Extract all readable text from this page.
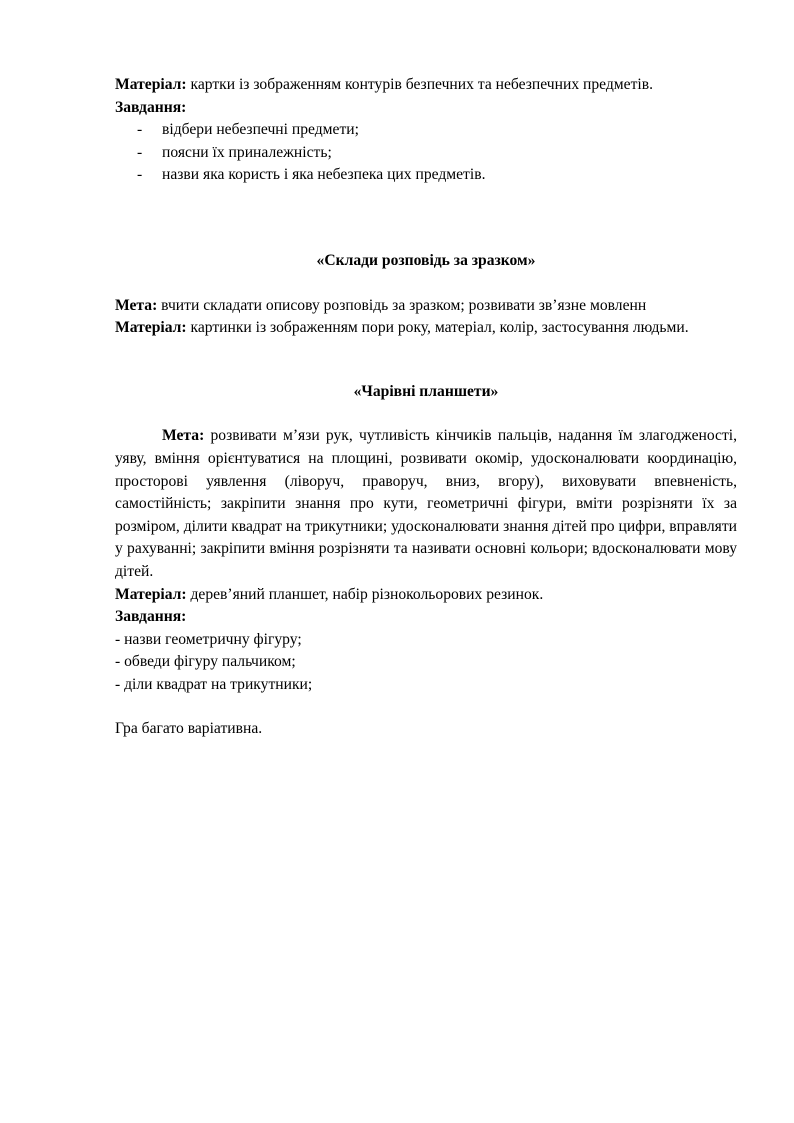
Матеріал: картки із зображенням контурів безпечних та небезпечних предметів.

Завдання:

- відбери небезпечні предмети;
- поясни їх приналежність;
- назви яка користь і яка небезпека цих предметів.

«Склади розповідь за зразком»

Мета: вчити складати описову розповідь за зразком; розвивати зв’язне мовленн

Матеріал: картинки із зображенням пори року, матеріал, колір, застосування людьми.

«Чарівні планшети»

Мета: розвивати м’язи рук, чутливість кінчиків пальців, надання їм злагодженості, уяву, вміння орієнтуватися на площині, розвивати окомір, удосконалювати координацію, просторові уявлення (ліворуч, праворуч, вниз, вгору), виховувати впевненість, самостійність; закріпити знання про кути, геометричні фігури, вміти розрізняти їх за розміром, ділити квадрат на трикутники; удосконалювати знання дітей про цифри, вправляти у рахуванні; закріпити вміння розрізняти та називати основні кольори; вдосконалювати мову дітей.

Матеріал: дерев’яний планшет, набір різнокольорових резинок.

Завдання:

- назви геометричну фігуру;

- обведи фігуру пальчиком;

- діли квадрат на трикутники;

Гра багато варіативна.
